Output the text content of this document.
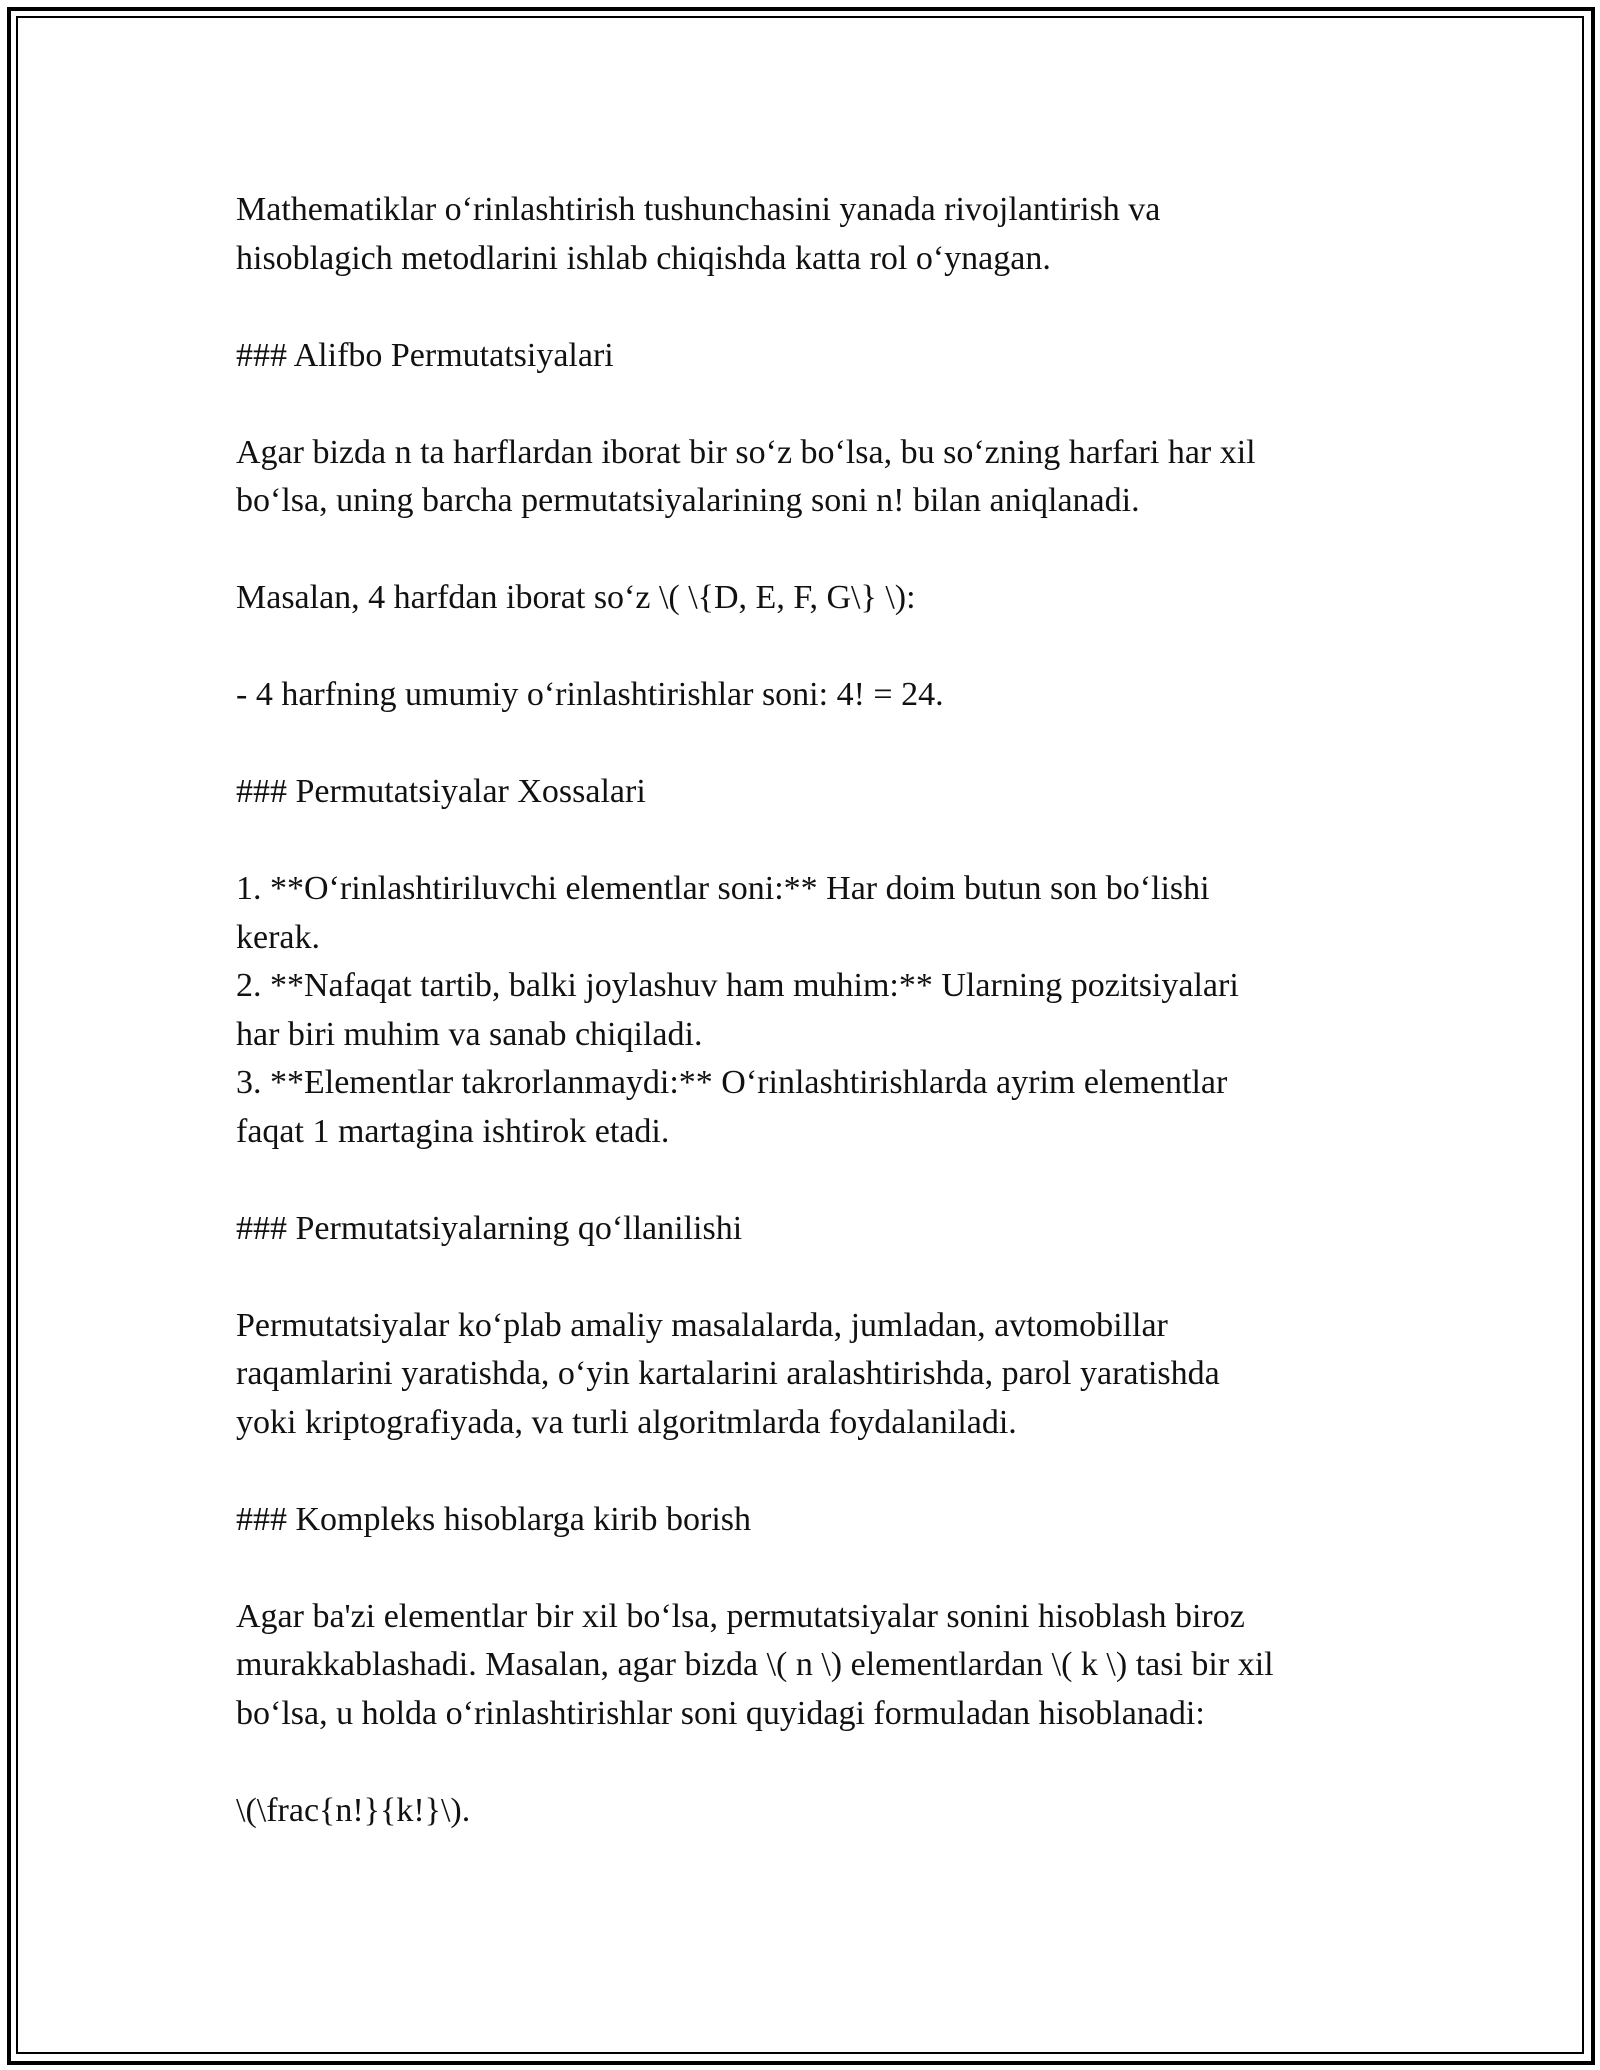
Mathematiklar o‘rinlashtirish tushunchasini yanada rivojlantirish va

hisoblagich metodlarini ishlab chiqishda katta rol o‘ynagan.

### Alifbo Permutatsiyalari

Agar bizda n ta harflardan iborat bir so‘z bo‘lsa, bu so‘zning harfari har xil

bo‘lsa, uning barcha permutatsiyalarining soni n! bilan aniqlanadi.

Masalan, 4 harfdan iborat so‘z \( \{D, E, F, G\} \):

- 4 harfning umumiy o‘rinlashtirishlar soni: 4! = 24.

### Permutatsiyalar Xossalari

1. **O‘rinlashtiriluvchi elementlar soni:** Har doim butun son bo‘lishi

kerak.

2. **Nafaqat tartib, balki joylashuv ham muhim:** Ularning pozitsiyalari

har biri muhim va sanab chiqiladi.

3. **Elementlar takrorlanmaydi:** O‘rinlashtirishlarda ayrim elementlar

faqat 1 martagina ishtirok etadi.

### Permutatsiyalarning qo‘llanilishi

Permutatsiyalar ko‘plab amaliy masalalarda, jumladan, avtomobillar

raqamlarini yaratishda, o‘yin kartalarini aralashtirishda, parol yaratishda

yoki kriptografiyada, va turli algoritmlarda foydalaniladi.

### Kompleks hisoblarga kirib borish

Agar ba'zi elementlar bir xil bo‘lsa, permutatsiyalar sonini hisoblash biroz

murakkablashadi. Masalan, agar bizda \( n \) elementlardan \( k \) tasi bir xil

bo‘lsa, u holda o‘rinlashtirishlar soni quyidagi formuladan hisoblanadi:

\(\frac{n!}{k!}\).
